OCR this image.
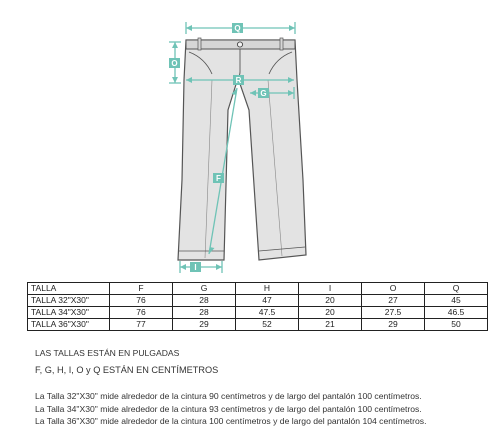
Q
O
R
G
F
I
TALLA	F	G	H	I	O	Q
TALLA 32"X30"	76	28	47	20	27	45
TALLA 34"X30"	76	28	47.5	20	27.5	46.5
TALLA 36"X30"	77	29	52	21	29	50

LAS TALLAS ESTÁN EN PULGADAS

F, G, H, I, O y Q ESTÁN EN CENTÍMETROS

La Talla 32"X30" mide alrededor de la cintura 90 centímetros y de largo del pantalón 100 centímetros.

La Talla 34"X30" mide alrededor de la cintura 93 centímetros y de largo del pantalón 100 centímetros.

La Talla 36"X30" mide alrededor de la cintura 100 centímetros y de largo del pantalón 104 centímetros.
